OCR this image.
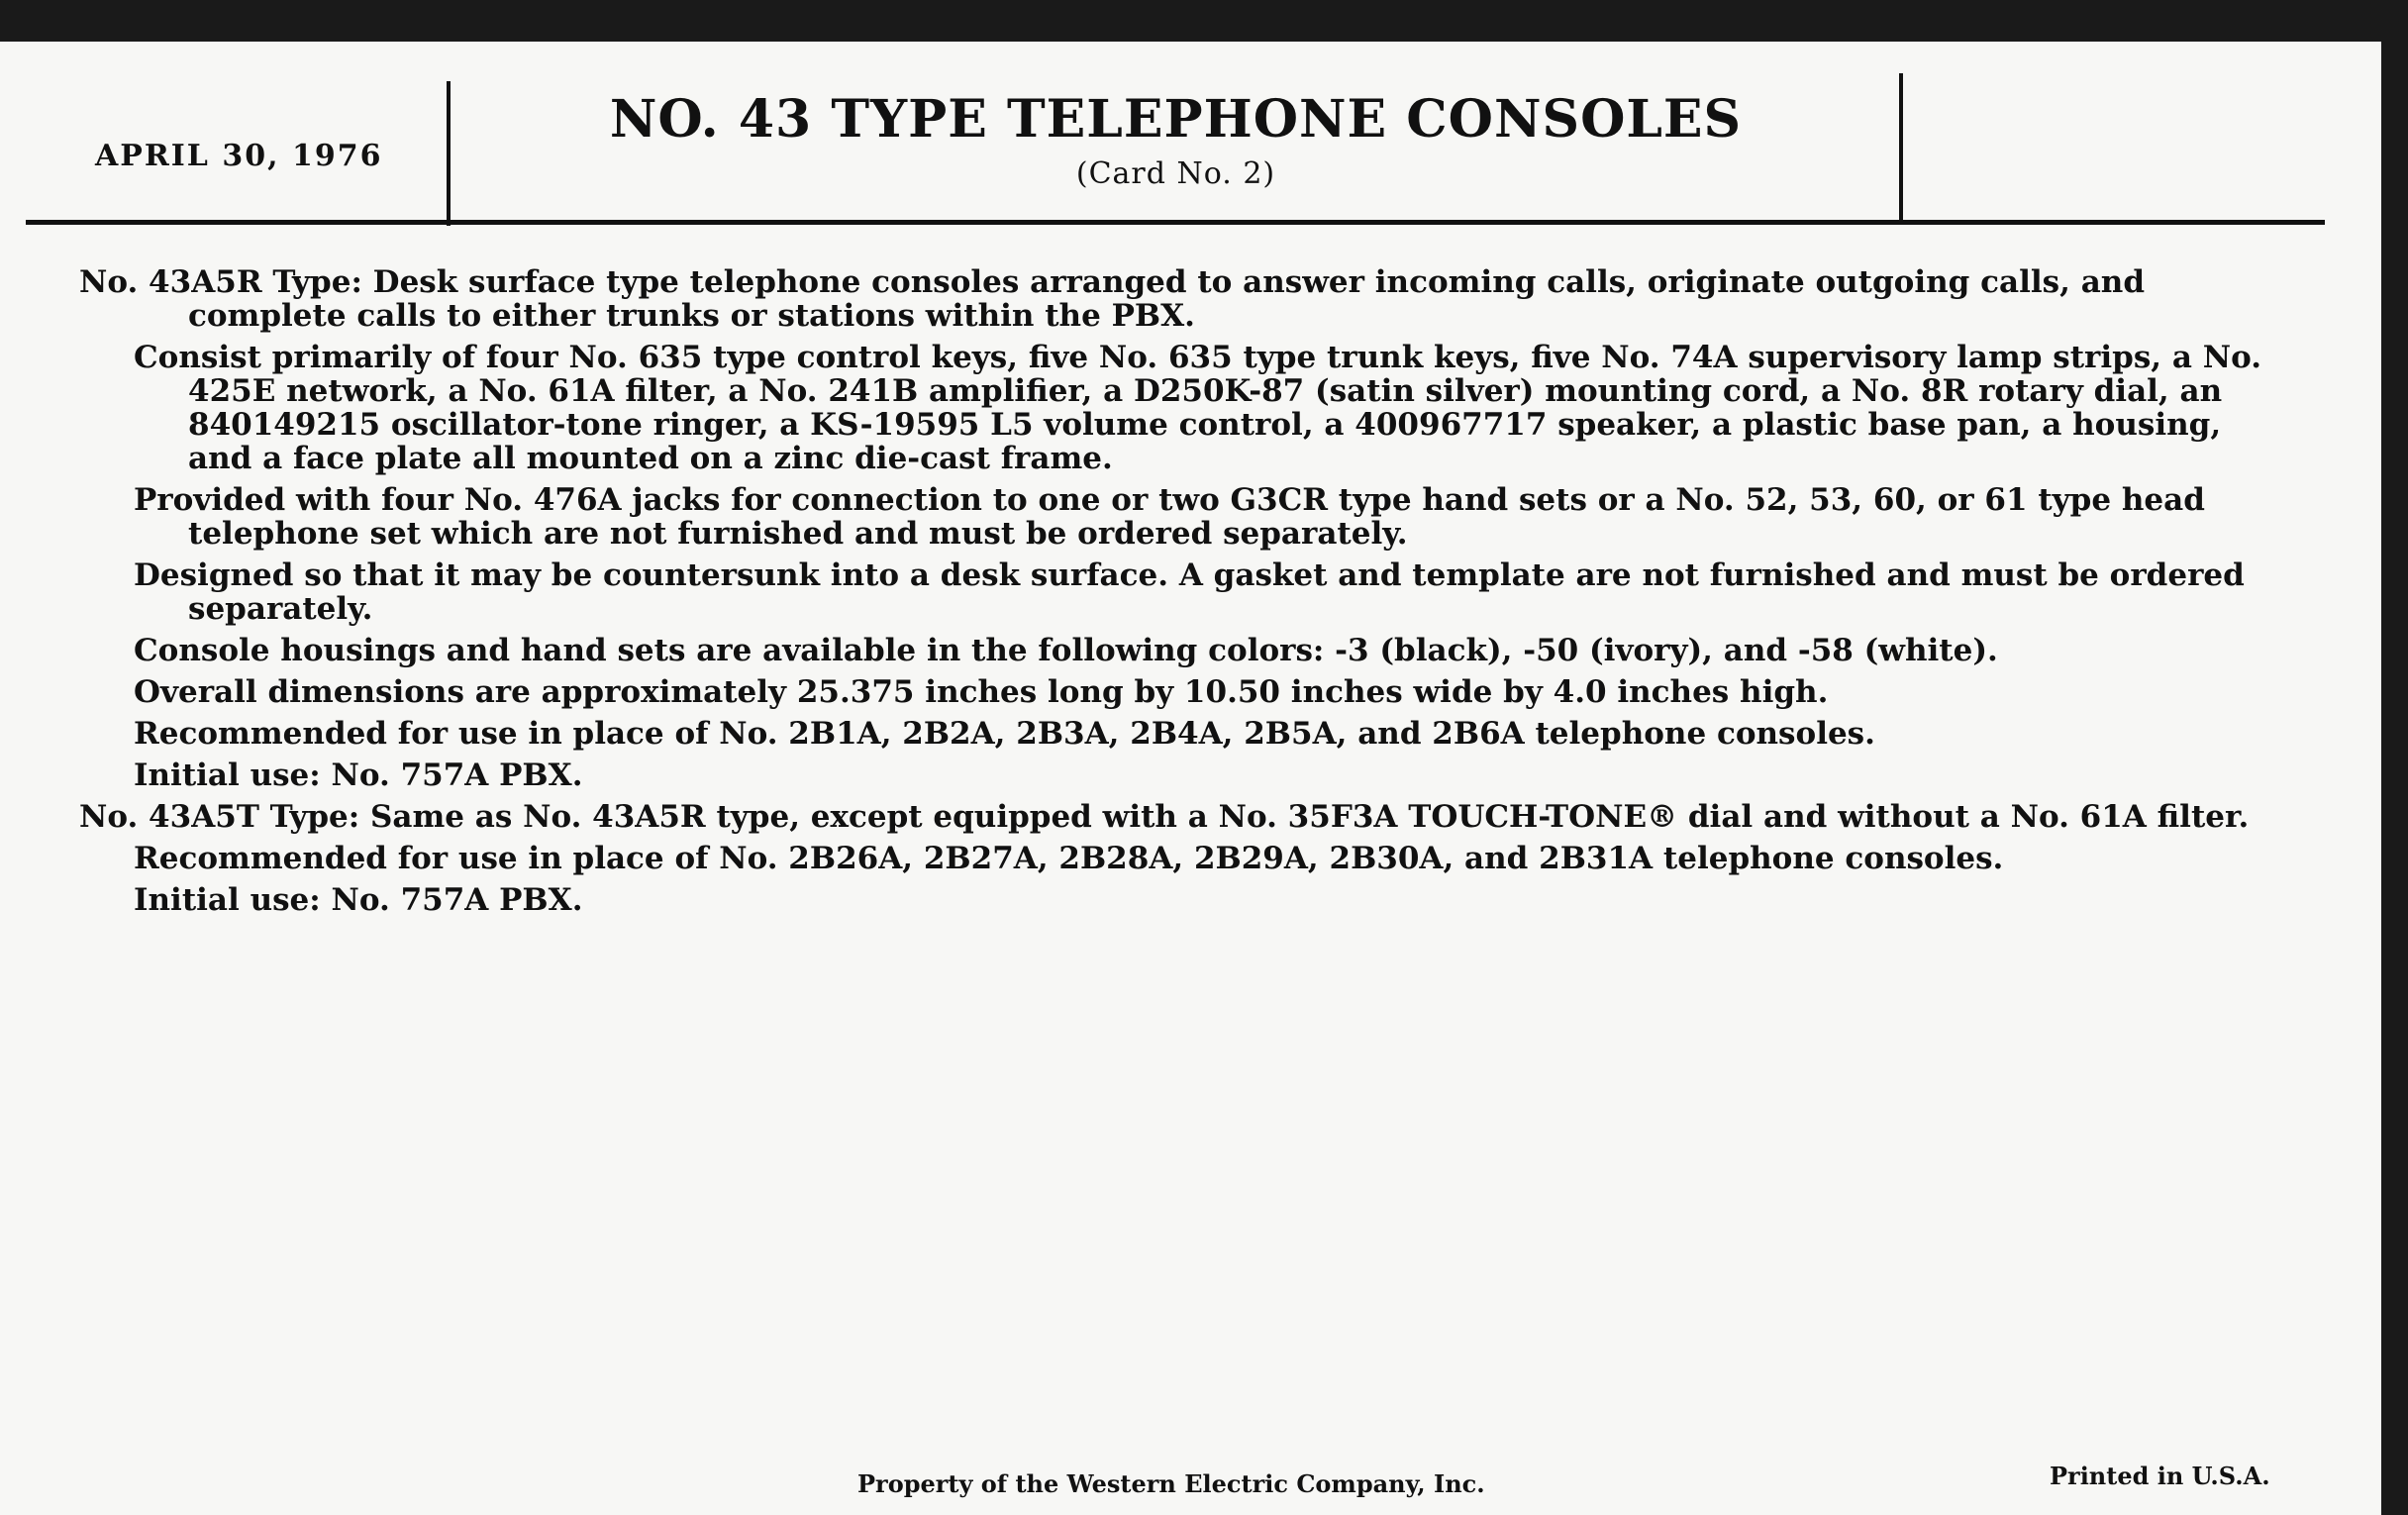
APRIL 30, 1976
NO. 43 TYPE TELEPHONE CONSOLES
(Card No. 2)
No. 43A5R Type: Desk surface type telephone consoles arranged to answer incoming calls, originate outgoing calls, and complete calls to either trunks or stations within the PBX.
Consist primarily of four No. 635 type control keys, five No. 635 type trunk keys, five No. 74A supervisory lamp strips, a No. 425E network, a No. 61A filter, a No. 241B amplifier, a D250K-87 (satin silver) mounting cord, a No. 8R rotary dial, an 840149215 oscillator-tone ringer, a KS-19595 L5 volume control, a 400967717 speaker, a plastic base pan, a housing, and a face plate all mounted on a zinc die-cast frame.
Provided with four No. 476A jacks for connection to one or two G3CR type hand sets or a No. 52, 53, 60, or 61 type head telephone set which are not furnished and must be ordered separately.
Designed so that it may be countersunk into a desk surface. A gasket and template are not furnished and must be ordered separately.
Console housings and hand sets are available in the following colors: -3 (black), -50 (ivory), and -58 (white).
Overall dimensions are approximately 25.375 inches long by 10.50 inches wide by 4.0 inches high.
Recommended for use in place of No. 2B1A, 2B2A, 2B3A, 2B4A, 2B5A, and 2B6A telephone consoles.
Initial use: No. 757A PBX.
No. 43A5T Type: Same as No. 43A5R type, except equipped with a No. 35F3A TOUCH-TONE® dial and without a No. 61A filter.
Recommended for use in place of No. 2B26A, 2B27A, 2B28A, 2B29A, 2B30A, and 2B31A telephone consoles.
Initial use: No. 757A PBX.
Property of the Western Electric Company, Inc.	Printed in U.S.A.
